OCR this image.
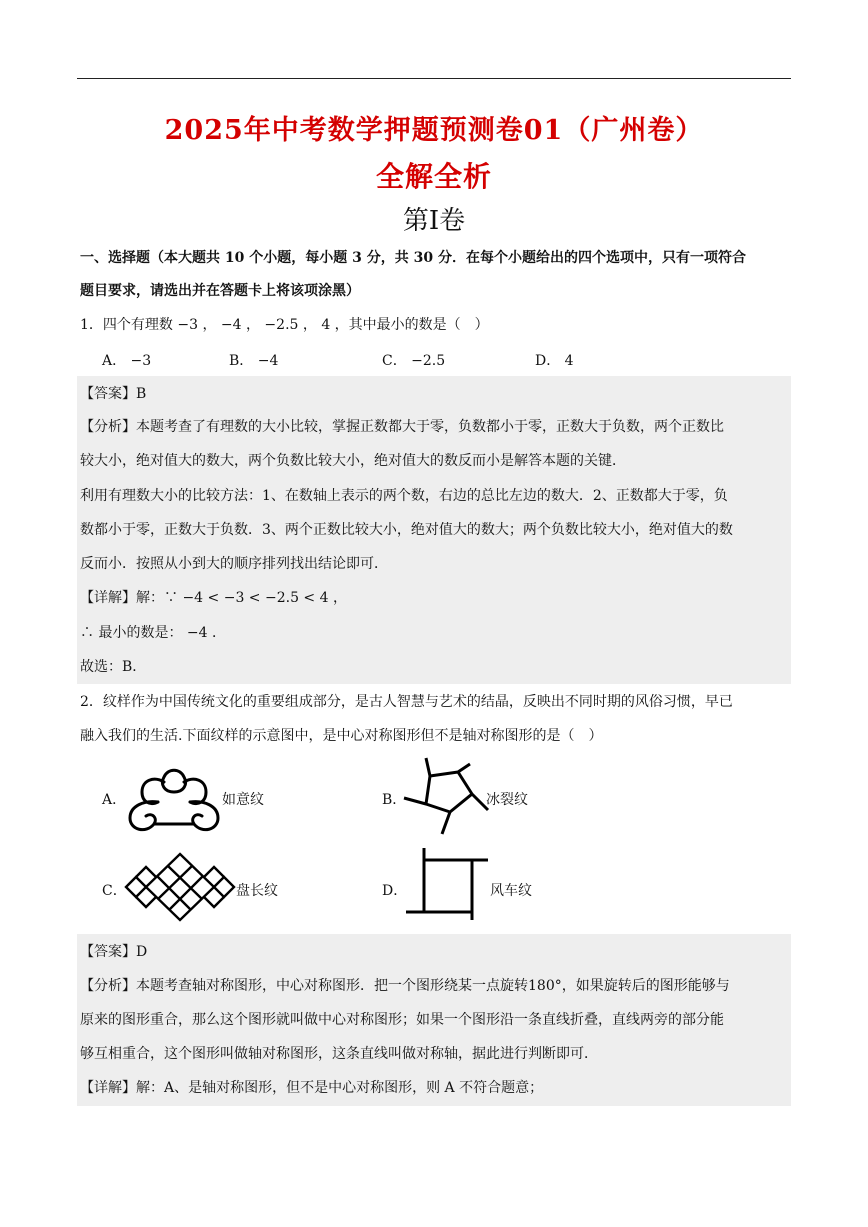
2025年中考数学押题预测卷01（广州卷）
全解全析
第I卷
一、选择题（本大题共 10 个小题，每小题 3 分，共 30 分．在每个小题给出的四个选项中，只有一项符合
题目要求，请选出并在答题卡上将该项涂黑）
1．四个有理数 −3 ， −4 ， −2.5 ， 4 ，其中最小的数是（　）
A． −3	B． −4	C． −2.5	D． 4
【答案】B
【分析】本题考查了有理数的大小比较，掌握正数都大于零，负数都小于零，正数大于负数，两个正数比
较大小，绝对值大的数大，两个负数比较大小，绝对值大的数反而小是解答本题的关键．
利用有理数大小的比较方法：1、在数轴上表示的两个数，右边的总比左边的数大．2、正数都大于零，负
数都小于零，正数大于负数．3、两个正数比较大小，绝对值大的数大；两个负数比较大小，绝对值大的数
反而小．按照从小到大的顺序排列找出结论即可．
【详解】解：∵ −4 < −3 < −2.5 < 4 ，
∴ 最小的数是： −4 ．
故选：B．
2．纹样作为中国传统文化的重要组成部分，是古人智慧与艺术的结晶，反映出不同时期的风俗习惯，早已
融入我们的生活.下面纹样的示意图中，是中心对称图形但不是轴对称图形的是（　）
A．	如意纹	B．	冰裂纹
C．	盘长纹	D．	风车纹
【答案】D
【分析】本题考查轴对称图形，中心对称图形．把一个图形绕某一点旋转180°，如果旋转后的图形能够与
原来的图形重合，那么这个图形就叫做中心对称图形；如果一个图形沿一条直线折叠，直线两旁的部分能
够互相重合，这个图形叫做轴对称图形，这条直线叫做对称轴，据此进行判断即可．
【详解】解：A、是轴对称图形，但不是中心对称图形，则 A 不符合题意；
